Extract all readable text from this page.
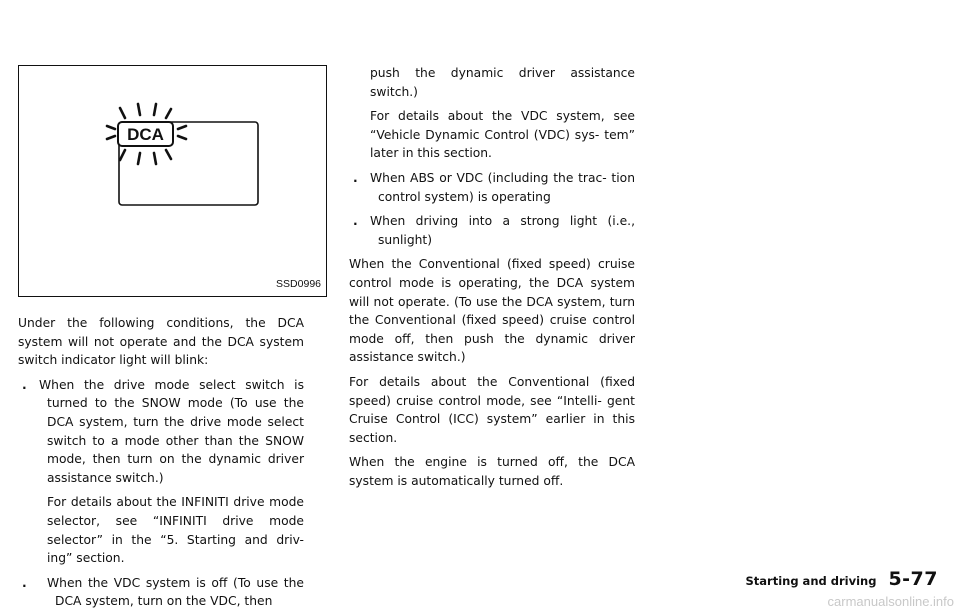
DCA
SSD0996

Under the following conditions, the DCA system will not operate and the DCA system switch indicator light will blink:

. When the drive mode select switch is turned to the SNOW mode (To use the DCA system, turn the drive mode select switch to a mode other than the SNOW mode, then turn on the dynamic driver assistance switch.)

For details about the INFINITI drive mode selector, see “INFINITI drive mode selector” in the “5. Starting and driv- ing” section.

. When the VDC system is off (To use the DCA system, turn on the VDC, then

push the dynamic driver assistance switch.)

For details about the VDC system, see “Vehicle Dynamic Control (VDC) sys- tem” later in this section.

. When ABS or VDC (including the trac- tion control system) is operating

. When driving into a strong light (i.e., sunlight)

When the Conventional (fixed speed) cruise control mode is operating, the DCA system will not operate. (To use the DCA system, turn the Conventional (fixed speed) cruise control mode off, then push the dynamic driver assistance switch.)

For details about the Conventional (fixed speed) cruise control mode, see “Intelli- gent Cruise Control (ICC) system” earlier in this section.

When the engine is turned off, the DCA system is automatically turned off.

Starting and driving 5-77
carmanualsonline.info
